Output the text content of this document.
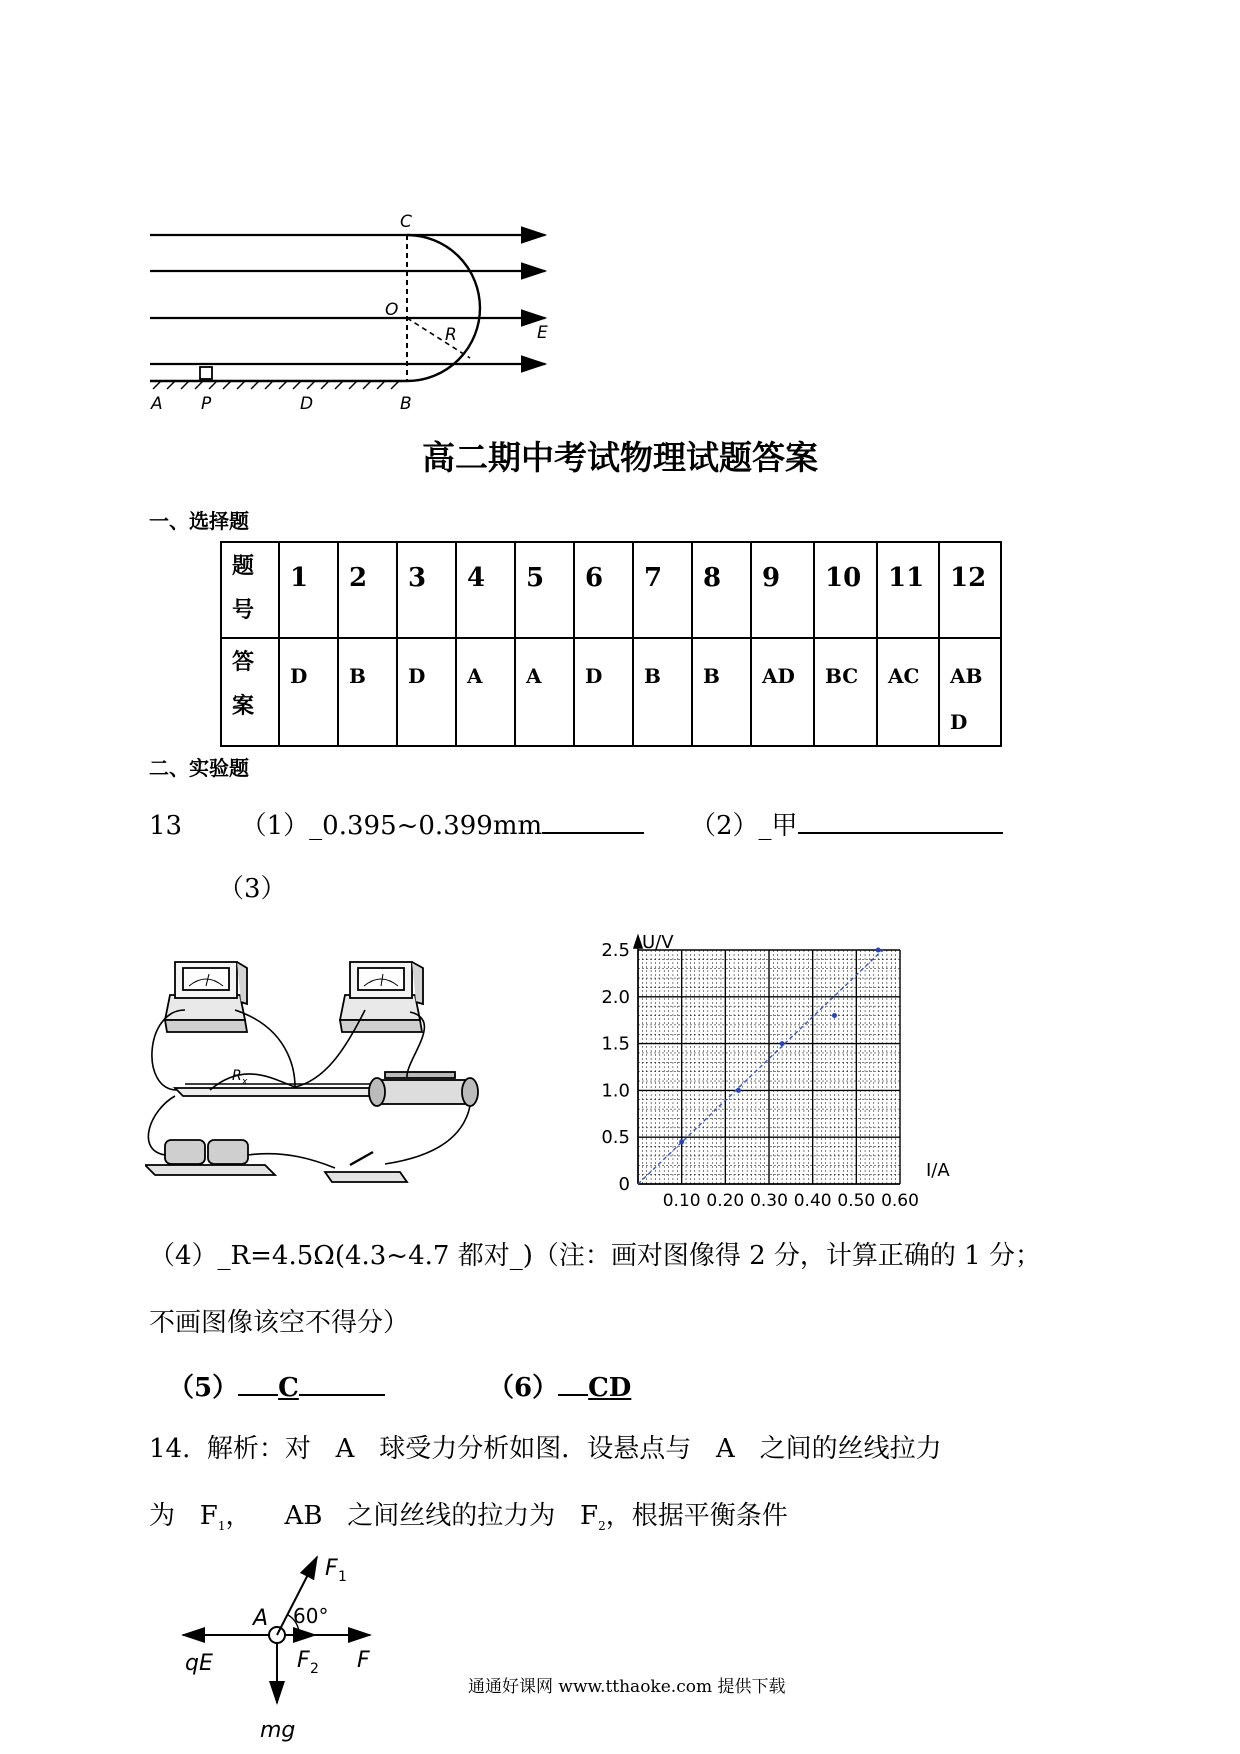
C
O
R	E
A P	D	B
高二期中考试物理试题答案
一、选择题
题
号	1	2	3	4	5	6	7	8	9	10	11	12
答
案	D	B	D	A	A	D	B	B	AD	BC	AC	ABD
二、实验题
13 （1）_0.395~0.399mm	（2）_甲
（3）
R x
U/V
I/A
0
0.5
1.0
1.5
2.0
2.5
0.10 0.20 0.30 0.40 0.50 0.60
（4）_R=4.5Ω(4.3~4.7 都对_)（注：画对图像得 2 分，计算正确的 1 分；
不画图像该空不得分）
（5） C	（6） CD
14.  解析：对   A   球受力分析如图．设悬点与   A   之间的丝线拉力
为   $F_1$，    AB   之间丝线的拉力为   $F_2$，根据平衡条件
F 1
A 60°
qE	F 2 F
mg
通通好课网 www.tthaoke.com 提供下载
